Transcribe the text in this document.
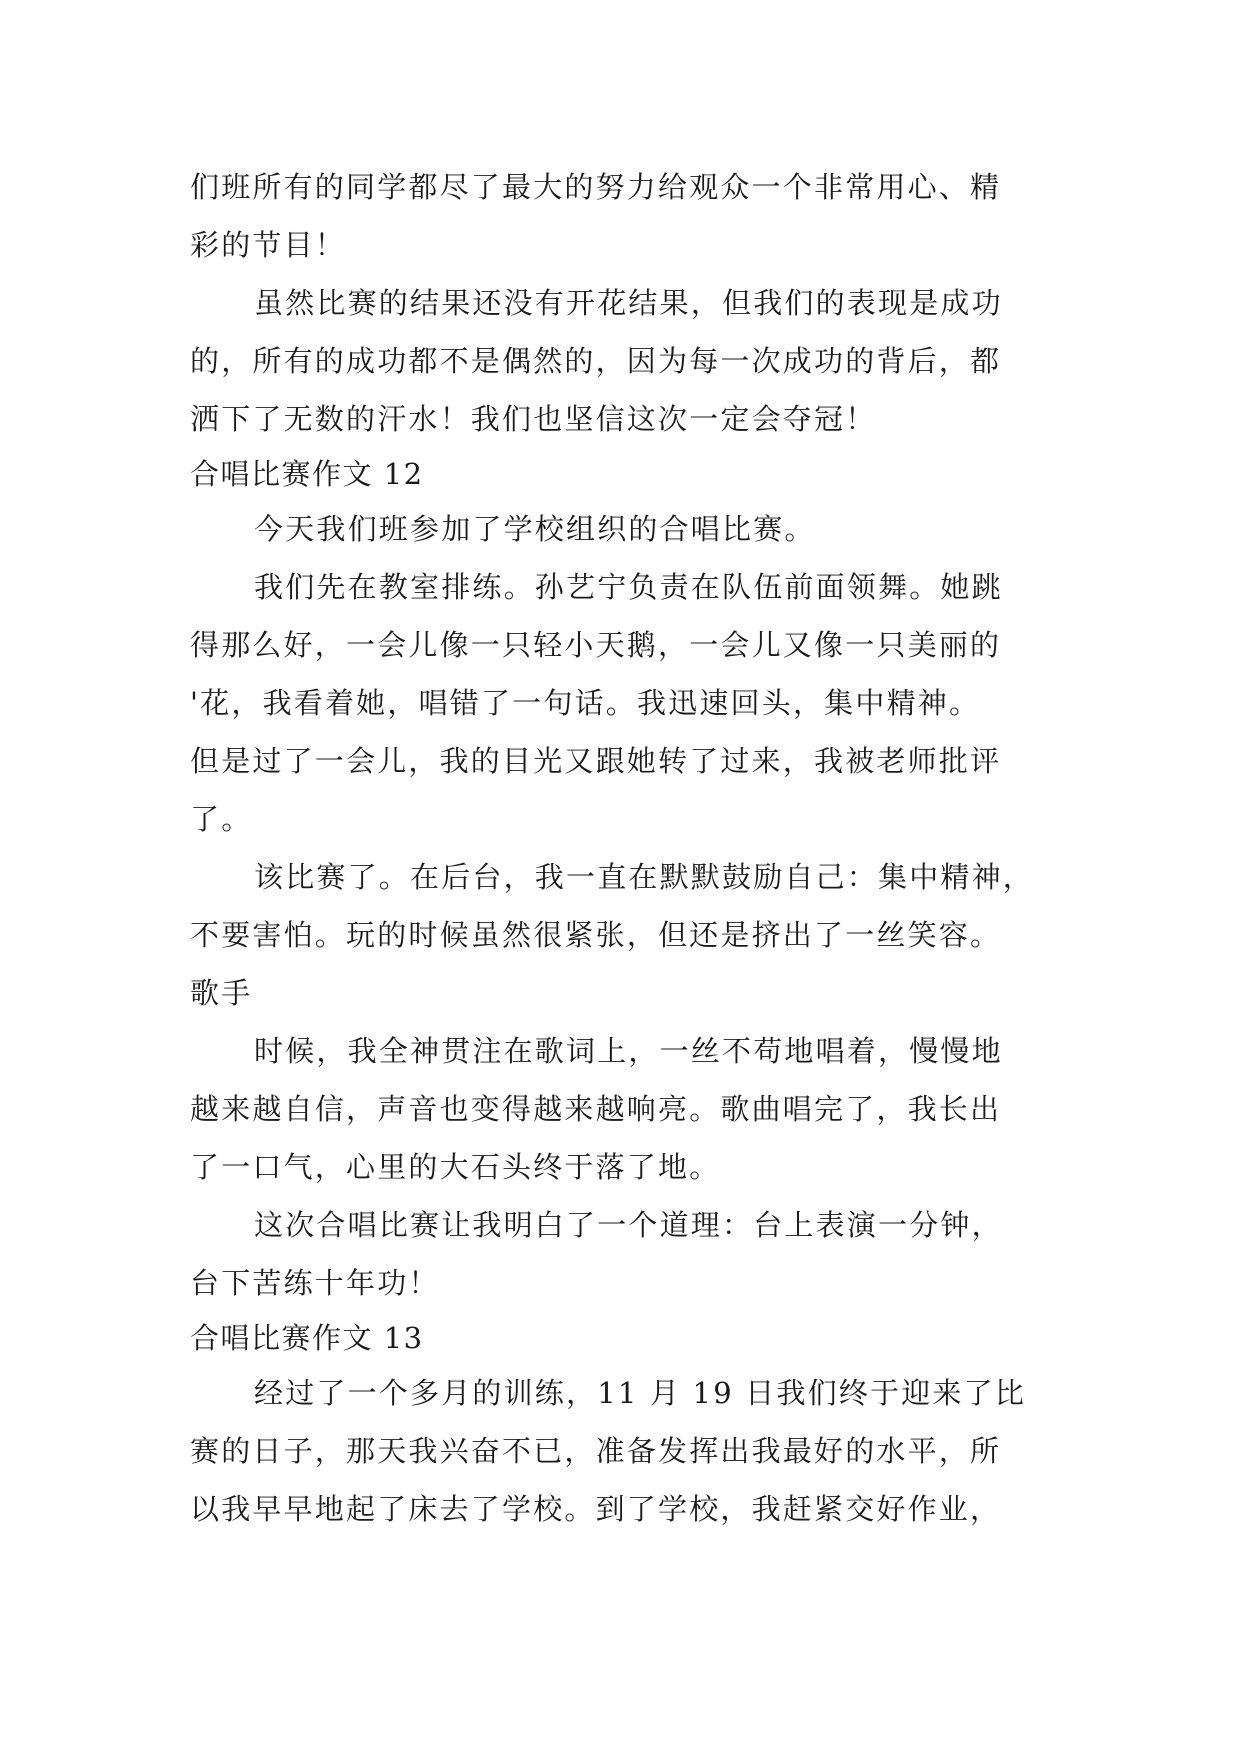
们班所有的同学都尽了最大的努力给观众一个非常用心、精
彩的节目！
虽然比赛的结果还没有开花结果，但我们的表现是成功
的，所有的成功都不是偶然的，因为每一次成功的背后，都
洒下了无数的汗水！我们也坚信这次一定会夺冠！
合唱比赛作文 12
今天我们班参加了学校组织的合唱比赛。
我们先在教室排练。孙艺宁负责在队伍前面领舞。她跳
得那么好，一会儿像一只轻小天鹅，一会儿又像一只美丽的
'花，我看着她，唱错了一句话。我迅速回头，集中精神。
但是过了一会儿，我的目光又跟她转了过来，我被老师批评
了。
该比赛了。在后台，我一直在默默鼓励自己：集中精神，
不要害怕。玩的时候虽然很紧张，但还是挤出了一丝笑容。
歌手
时候，我全神贯注在歌词上，一丝不苟地唱着，慢慢地
越来越自信，声音也变得越来越响亮。歌曲唱完了，我长出
了一口气，心里的大石头终于落了地。
这次合唱比赛让我明白了一个道理：台上表演一分钟，
台下苦练十年功！
合唱比赛作文 13
经过了一个多月的训练，11 月 19 日我们终于迎来了比
赛的日子，那天我兴奋不已，准备发挥出我最好的水平，所
以我早早地起了床去了学校。到了学校，我赶紧交好作业，
